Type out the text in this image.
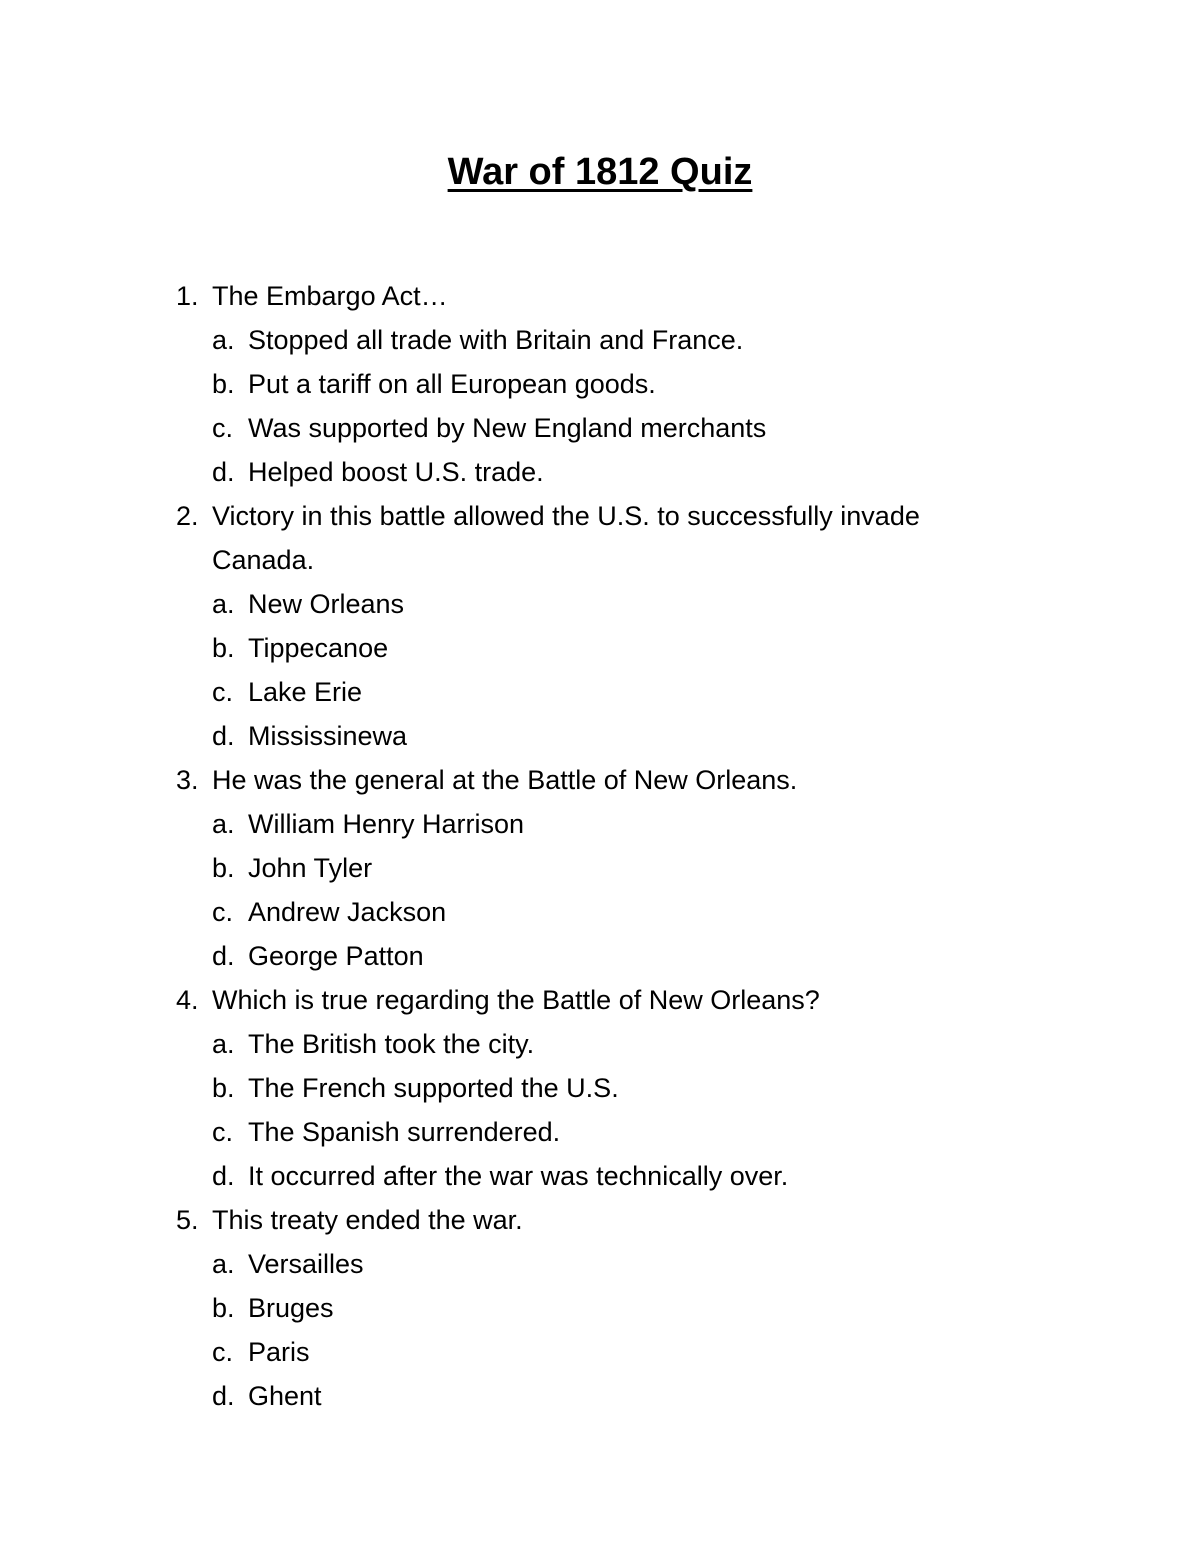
War of 1812 Quiz
1. The Embargo Act…
a. Stopped all trade with Britain and France.
b. Put a tariff on all European goods.
c. Was supported by New England merchants
d. Helped boost U.S. trade.
2. Victory in this battle allowed the U.S. to successfully invade Canada.
a. New Orleans
b. Tippecanoe
c. Lake Erie
d. Mississinewa
3. He was the general at the Battle of New Orleans.
a. William Henry Harrison
b. John Tyler
c. Andrew Jackson
d. George Patton
4. Which is true regarding the Battle of New Orleans?
a. The British took the city.
b. The French supported the U.S.
c. The Spanish surrendered.
d. It occurred after the war was technically over.
5. This treaty ended the war.
a. Versailles
b. Bruges
c. Paris
d. Ghent
